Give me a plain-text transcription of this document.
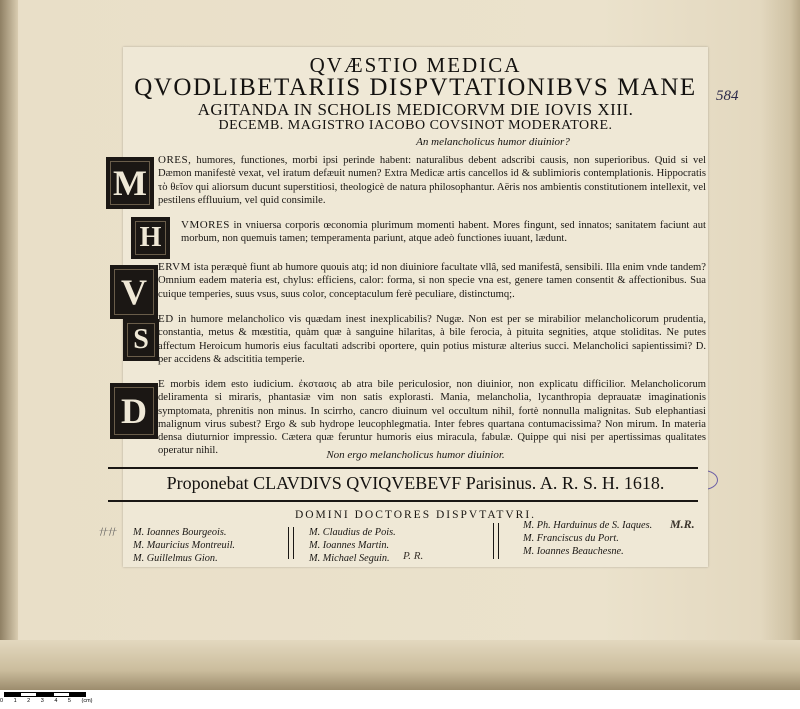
584
QVÆSTIO MEDICA
QVODLIBETARIIS DISPVTATIONIBVS MANE
AGITANDA IN SCHOLIS MEDICORVM DIE IOVIS XIII.
DECEMB. MAGISTRO IACOBO COVSINOT MODERATORE.
An melancholicus humor diuinior?
M
ORES, humores, functiones, morbi ipsi perinde habent: naturalibus debent adscribi causis, non superioribus. Quid si vel Dæmon manifestè vexat, vel iratum defæuit numen? Extra Medicæ artis cancellos id & sublimioris contemplationis. Hippocratis τὸ θεῖον qui aliorsum ducunt superstitiosi, theologicè de natura philosophantur. Aëris nos ambientis constitutionem intellexit, vel pestilens effluuium, vel quid consimile.
H	VMORES in vniuersa corporis œconomia plurimum momenti habent. Mores fingunt, sed innatos; sanitatem faciunt aut morbum, non quemuis tamen; temperamenta pariunt, atque adeò functiones iuuant, lædunt.
V
ERVM ista peræquè fiunt ab humore quouis atq; id non diuiniore facultate vllâ, sed manifestâ, sensibili. Illa enim vnde tandem? Omnium eadem materia est, chylus: efficiens, calor: forma, si non specie vna est, genere tamen consentit & affectionibus. Sua cuique temperies, suus vsus, suus color, conceptaculum ferè peculiare, distinctumq;.
S
ED in humore melancholico vis quædam inest inexplicabilis? Nugæ. Non est per se mirabilior melancholicorum prudentia, constantia, metus & mœstitia, quàm quæ à sanguine hilaritas, à bile ferocia, à pituita segnities, atque stoliditas. Ne putes affectum Heroicum humoris eius facultati adscribi oportere, quin potius misturæ alterius succi. Melancholici sapientissimi? D. per accidens & adscititia temperie.
D
E morbis idem esto iudicium. ἐκστασις ab atra bile periculosior, non diuinior, non explicatu difficilior. Melancholicorum deliramenta si miraris, phantasiæ vim non satis explorasti. Mania, melancholia, lycanthropia deprauatæ imaginationis symptomata, phrenitis non minus. In scirrho, cancro diuinum vel occultum nihil, fortè nonnulla malignitas. Sub elephantiasi malignum virus subest? Ergo & sub hydrope leucophlegmatia. Inter febres quartana contumacissima? Non mirum. In materia densa diuturnior impressio. Cætera quæ feruntur humoris eius miracula, fabulæ. Quippe qui nisi per apertissimas qualitates operatur nihil.	Non ergo melancholicus humor diuinior.
Proponebat CLAVDIVS QVIQVEBEVF Parisinus. A. R. S. H. 1618.
DOMINI DOCTORES DISPVTATVRI.
M. Ioannes Bourgeois.
M. Mauricius Montreuil.
M. Guillelmus Gion.
M. Claudius de Pois.
M. Ioannes Martin.
M. Michael Seguin.
M. Ph. Harduinus de S. Iaques.
M. Franciscus du Port.
M. Ioannes Beauchesne.
P. R.
M.R.
卄卄
0 1 2 3 4 5 (cm)
